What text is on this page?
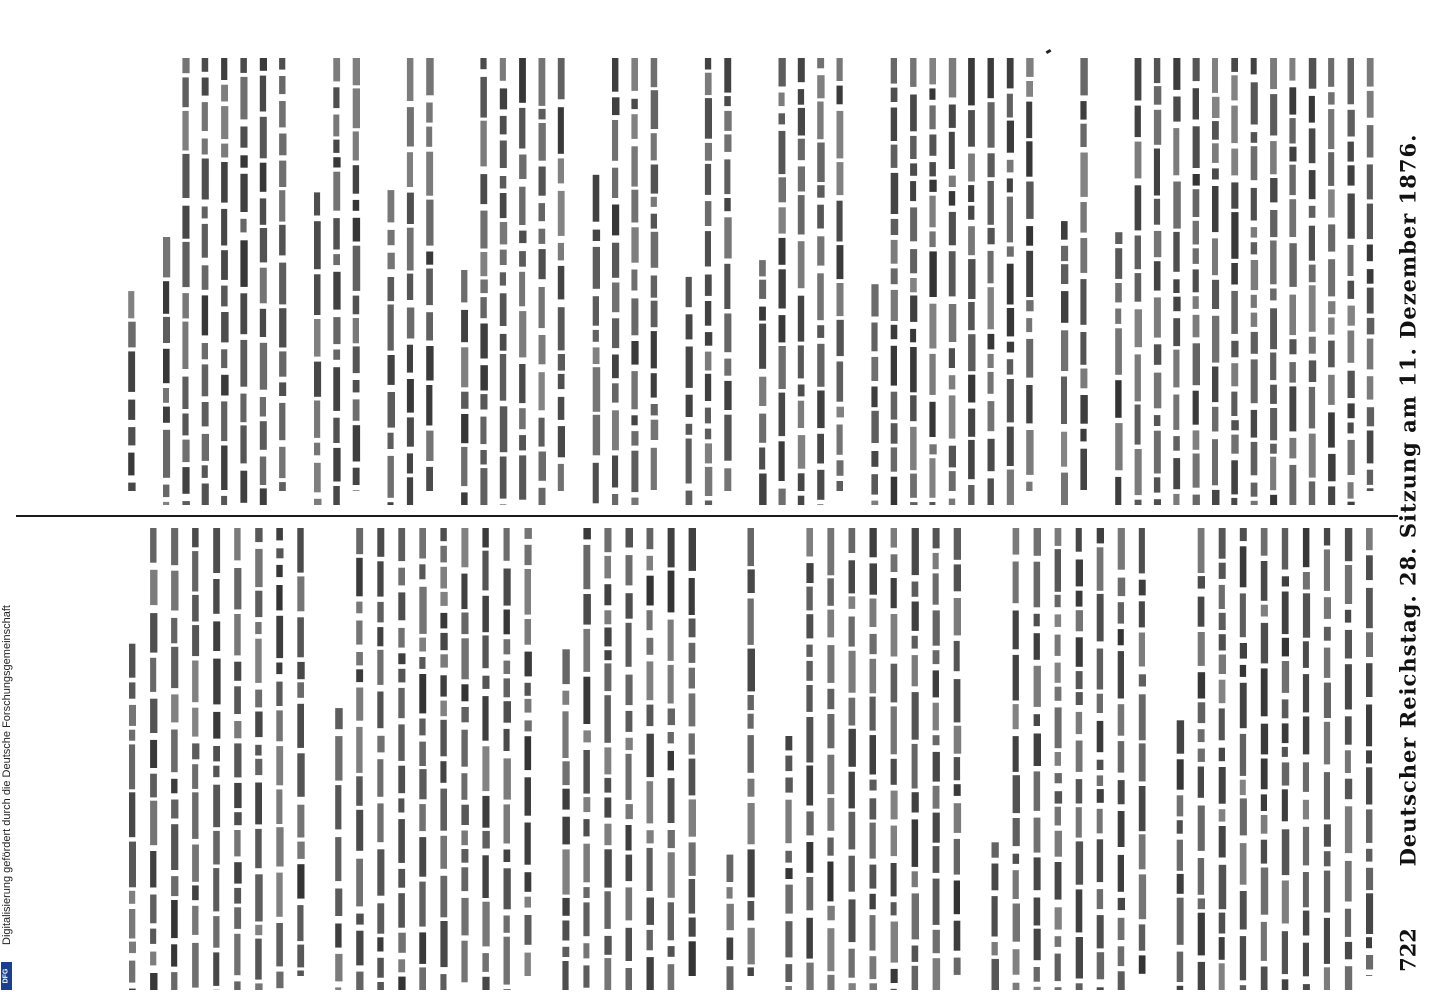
Deutscher Reichstag. 28. Sitzung am 11. Dezember 1876.
722
Digitalisierung gefördert durch die Deutsche Forschungsgemeinschaft
DFG
